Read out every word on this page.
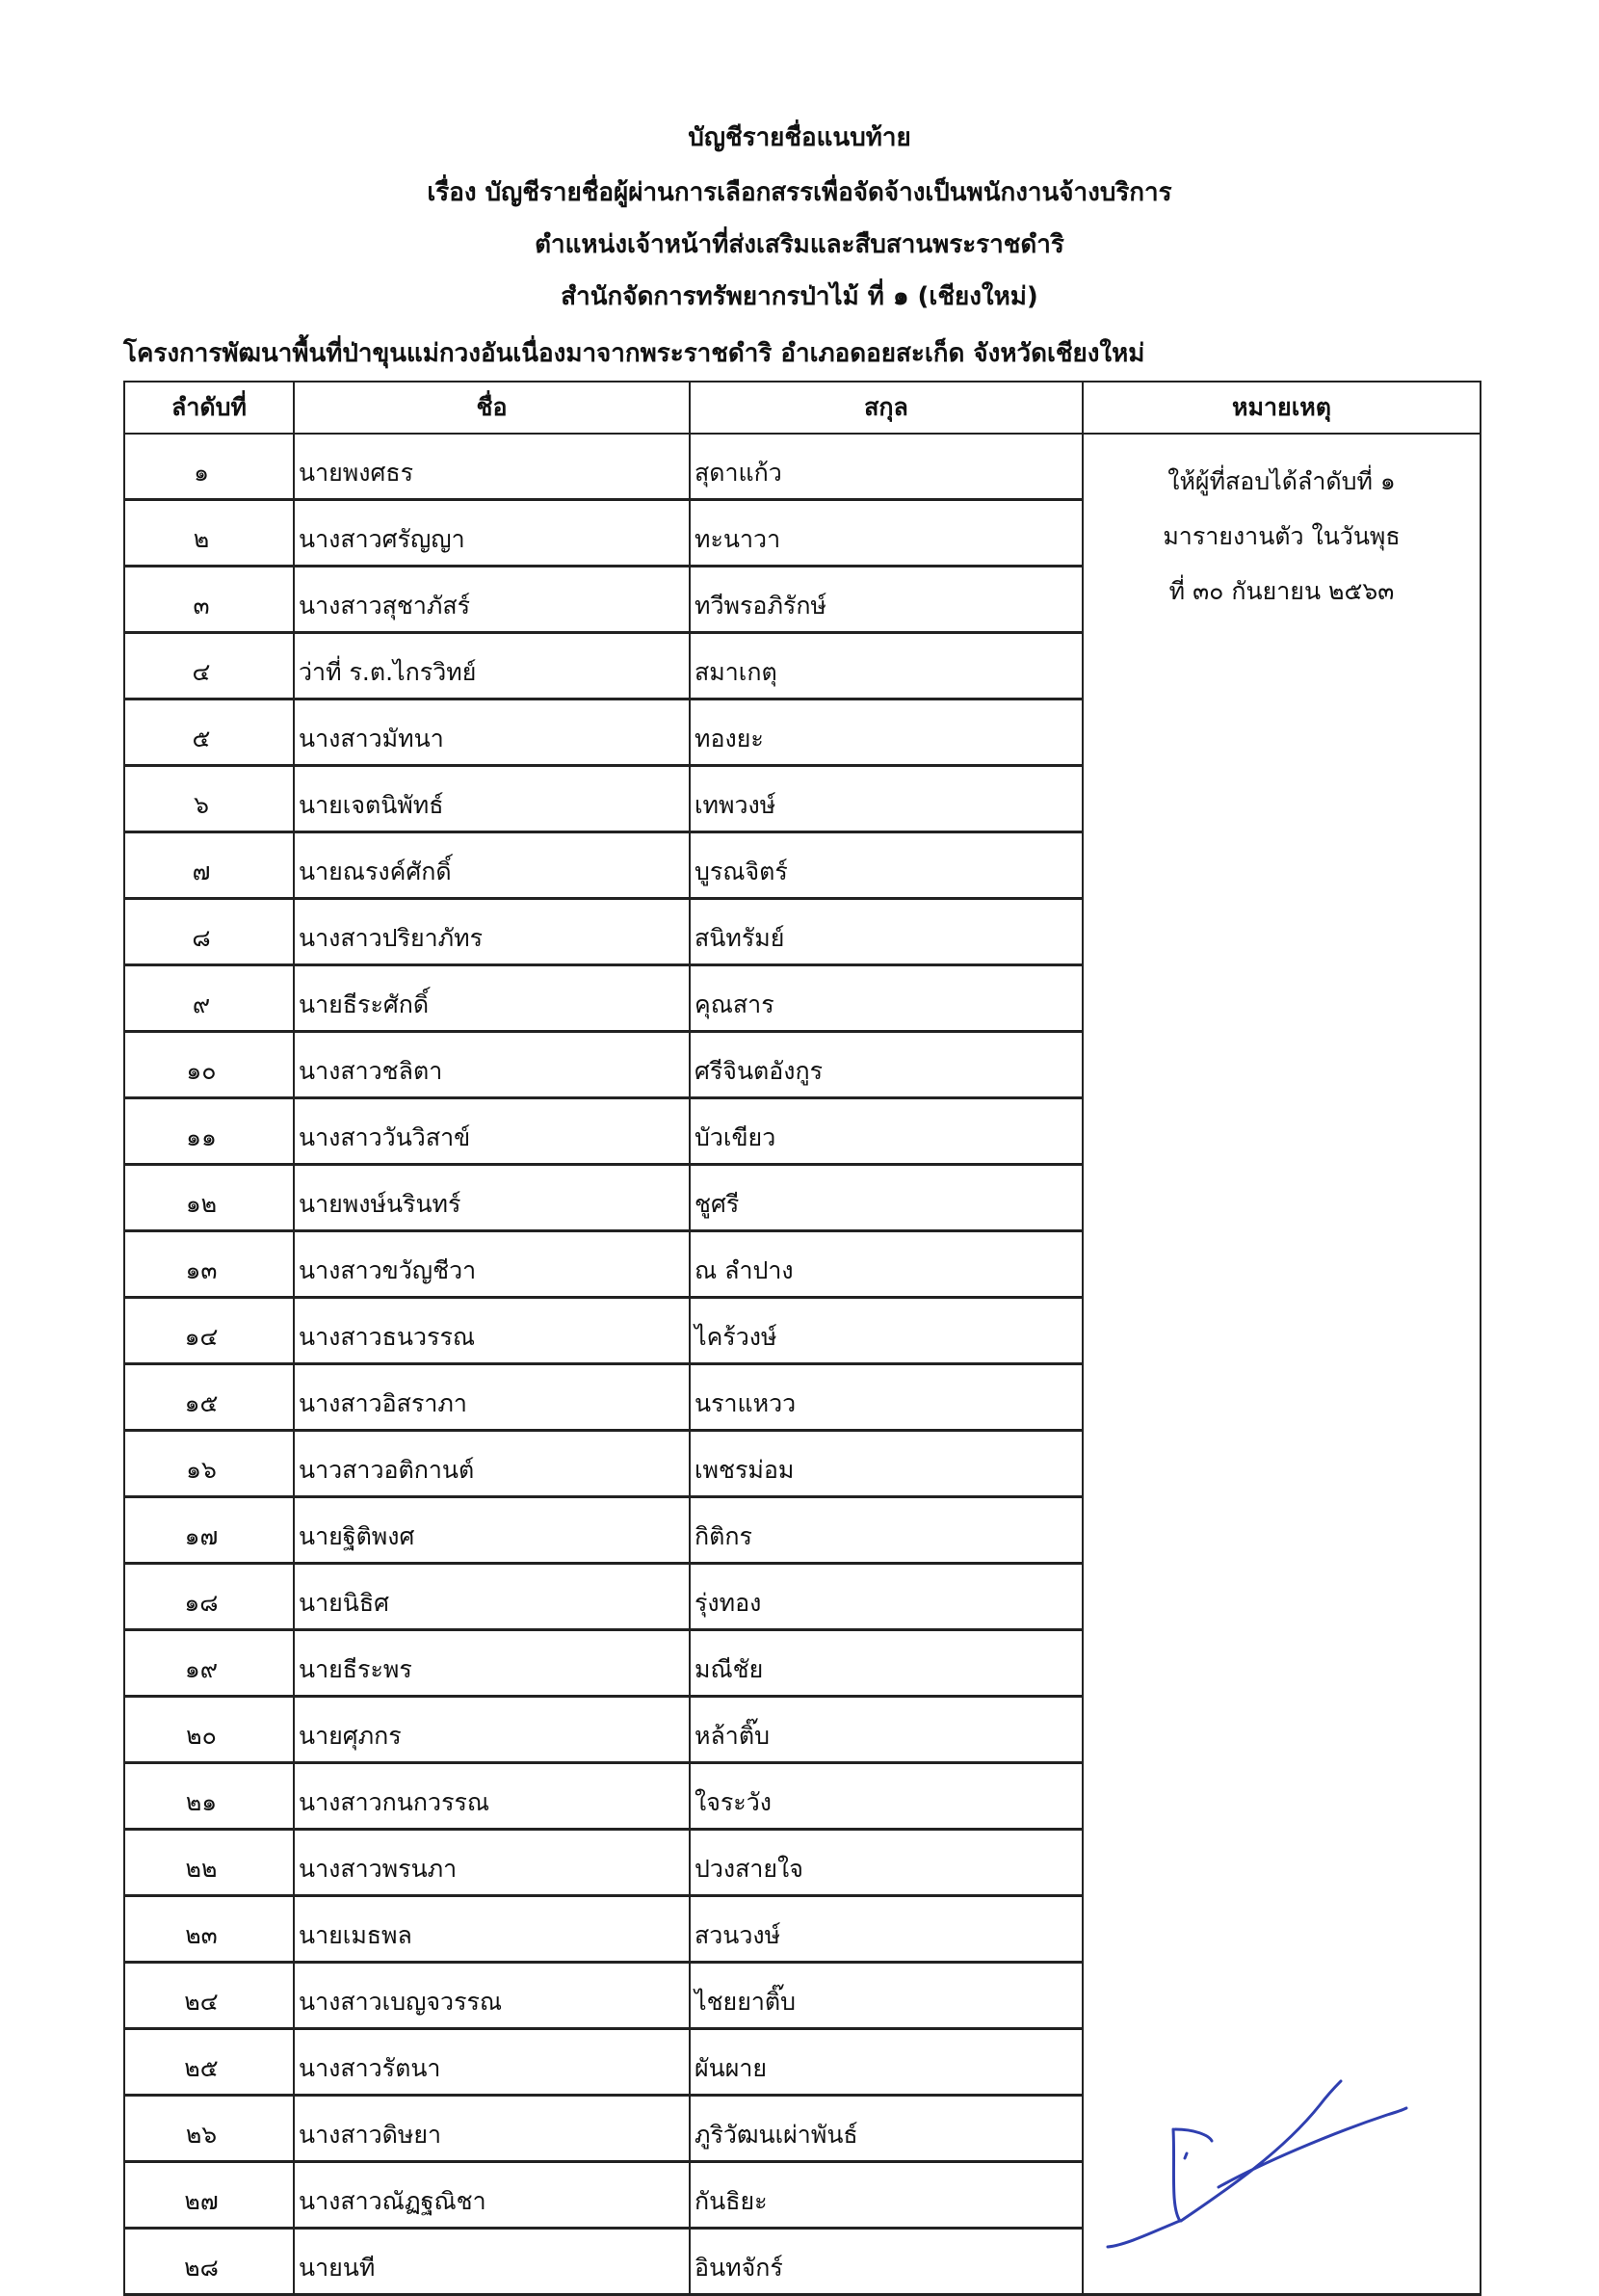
บัญชีรายชื่อแนบท้าย
เรื่อง บัญชีรายชื่อผู้ผ่านการเลือกสรรเพื่อจัดจ้างเป็นพนักงานจ้างบริการ
ตำแหน่งเจ้าหน้าที่ส่งเสริมและสืบสานพระราชดำริ
สำนักจัดการทรัพยากรป่าไม้ ที่ ๑ (เชียงใหม่)
โครงการพัฒนาพื้นที่ป่าขุนแม่กวงอันเนื่องมาจากพระราชดำริ อำเภอดอยสะเก็ด จังหวัดเชียงใหม่
ลำดับที่	ชื่อ	สกุล	หมายเหตุ
๑	นายพงศธร	สุดาแก้ว	ให้ผู้ที่สอบได้ลำดับที่ ๑
มารายงานตัว ในวันพุธ
ที่ ๓๐ กันยายน ๒๕๖๓

๒	นางสาวศรัญญา	ทะนาวา	
๓	นางสาวสุชาภัสร์	ทวีพรอภิรักษ์	
๔	ว่าที่ ร.ต.ไกรวิทย์	สมาเกตุ	
๕	นางสาวมัทนา	ทองยะ	
๖	นายเจตนิพัทธ์	เทพวงษ์	
๗	นายณรงค์ศักดิ์	บูรณจิตร์	
๘	นางสาวปริยาภัทร	สนิทรัมย์	
๙	นายธีระศักดิ์	คุณสาร	
๑๐	นางสาวชลิตา	ศรีจินตอังกูร	
๑๑	นางสาววันวิสาข์	บัวเขียว	
๑๒	นายพงษ์นรินทร์	ชูศรี	
๑๓	นางสาวขวัญชีวา	ณ ลำปาง	
๑๔	นางสาวธนวรรณ	ไคร้วงษ์	
๑๕	นางสาวอิสราภา	นราแหวว	
๑๖	นาวสาวอติกานต์	เพชรม่อม	
๑๗	นายฐิติพงศ	กิติกร	
๑๘	นายนิธิศ	รุ่งทอง	
๑๙	นายธีระพร	มณีชัย	
๒๐	นายศุภกร	หล้าติ๊บ	
๒๑	นางสาวกนกวรรณ	ใจระวัง	
๒๒	นางสาวพรนภา	ปวงสายใจ	
๒๓	นายเมธพล	สวนวงษ์	
๒๔	นางสาวเบญจวรรณ	ไชยยาติ๊บ	
๒๕	นางสาวรัตนา	ผันผาย	
๒๖	นางสาวดิษยา	ภูริวัฒนเผ่าพันธ์	
๒๗	นางสาวณัฏฐณิชา	กันธิยะ	
๒๘	นายนที	อินทจักร์	
